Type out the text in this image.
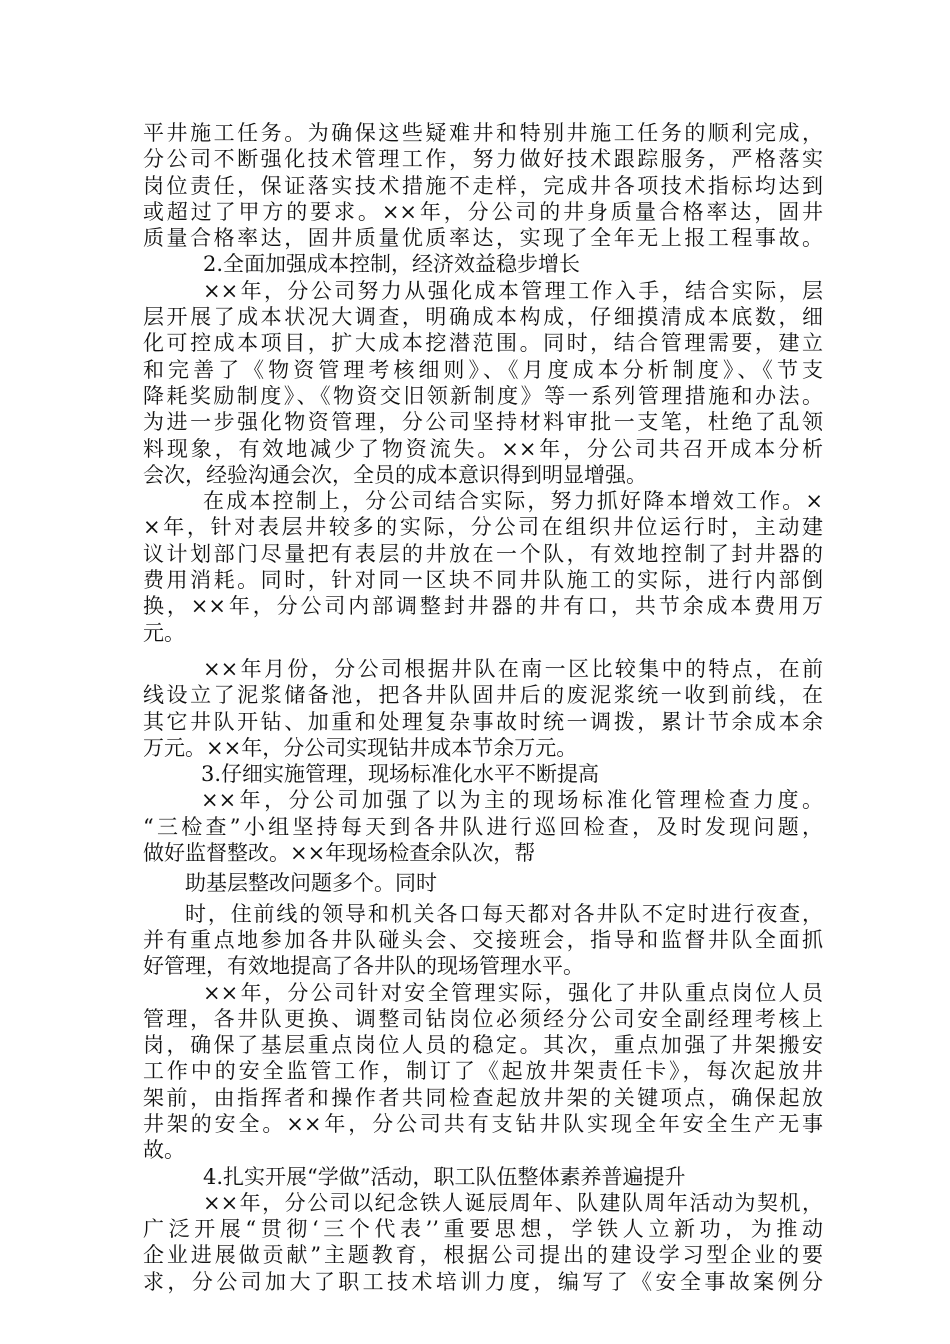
平井施工任务。为确保这些疑难井和特别井施工任务的顺利完成，
分公司不断强化技术管理工作，努力做好技术跟踪服务，严格落实
岗位责任，保证落实技术措施不走样，完成井各项技术指标均达到
或超过了甲方的要求。××年，分公司的井身质量合格率达，固井
质量合格率达，固井质量优质率达，实现了全年无上报工程事故。
2.全面加强成本控制，经济效益稳步增长
××年，分公司努力从强化成本管理工作入手，结合实际，层
层开展了成本状况大调查，明确成本构成，仔细摸清成本底数，细
化可控成本项目，扩大成本挖潜范围。同时，结合管理需要，建立
和完善了《物资管理考核细则》、《月度成本分析制度》、《节支
降耗奖励制度》、《物资交旧领新制度》等一系列管理措施和办法。
为进一步强化物资管理，分公司坚持材料审批一支笔，杜绝了乱领
料现象，有效地减少了物资流失。××年，分公司共召开成本分析
会次，经验沟通会次，全员的成本意识得到明显增强。
在成本控制上，分公司结合实际，努力抓好降本增效工作。×
×年，针对表层井较多的实际，分公司在组织井位运行时，主动建
议计划部门尽量把有表层的井放在一个队，有效地控制了封井器的
费用消耗。同时，针对同一区块不同井队施工的实际，进行内部倒
换，××年，分公司内部调整封井器的井有口，共节余成本费用万
元。
××年月份，分公司根据井队在南一区比较集中的特点，在前
线设立了泥浆储备池，把各井队固井后的废泥浆统一收到前线，在
其它井队开钻、加重和处理复杂事故时统一调拨，累计节余成本余
万元。××年，分公司实现钻井成本节余万元。
3.仔细实施管理，现场标准化水平不断提高
××年，分公司加强了以为主的现场标准化管理检查力度。
“三检查”小组坚持每天到各井队进行巡回检查，及时发现问题，
做好监督整改。××年现场检查余队次，帮
助基层整改问题多个。同时
时，住前线的领导和机关各口每天都对各井队不定时进行夜查，
并有重点地参加各井队碰头会、交接班会，指导和监督井队全面抓
好管理，有效地提高了各井队的现场管理水平。
××年，分公司针对安全管理实际，强化了井队重点岗位人员
管理，各井队更换、调整司钻岗位必须经分公司安全副经理考核上
岗，确保了基层重点岗位人员的稳定。其次，重点加强了井架搬安
工作中的安全监管工作，制订了《起放井架责任卡》，每次起放井
架前，由指挥者和操作者共同检查起放井架的关键项点，确保起放
井架的安全。××年，分公司共有支钻井队实现全年安全生产无事
故。
4.扎实开展“学做”活动，职工队伍整体素养普遍提升
××年，分公司以纪念铁人诞辰周年、队建队周年活动为契机，
广泛开展“贯彻‘三个代表’’重要思想，学铁人立新功，为推动
企业进展做贡献”主题教育，根据公司提出的建设学习型企业的要
求，分公司加大了职工技术培训力度，编写了《安全事故案例分
